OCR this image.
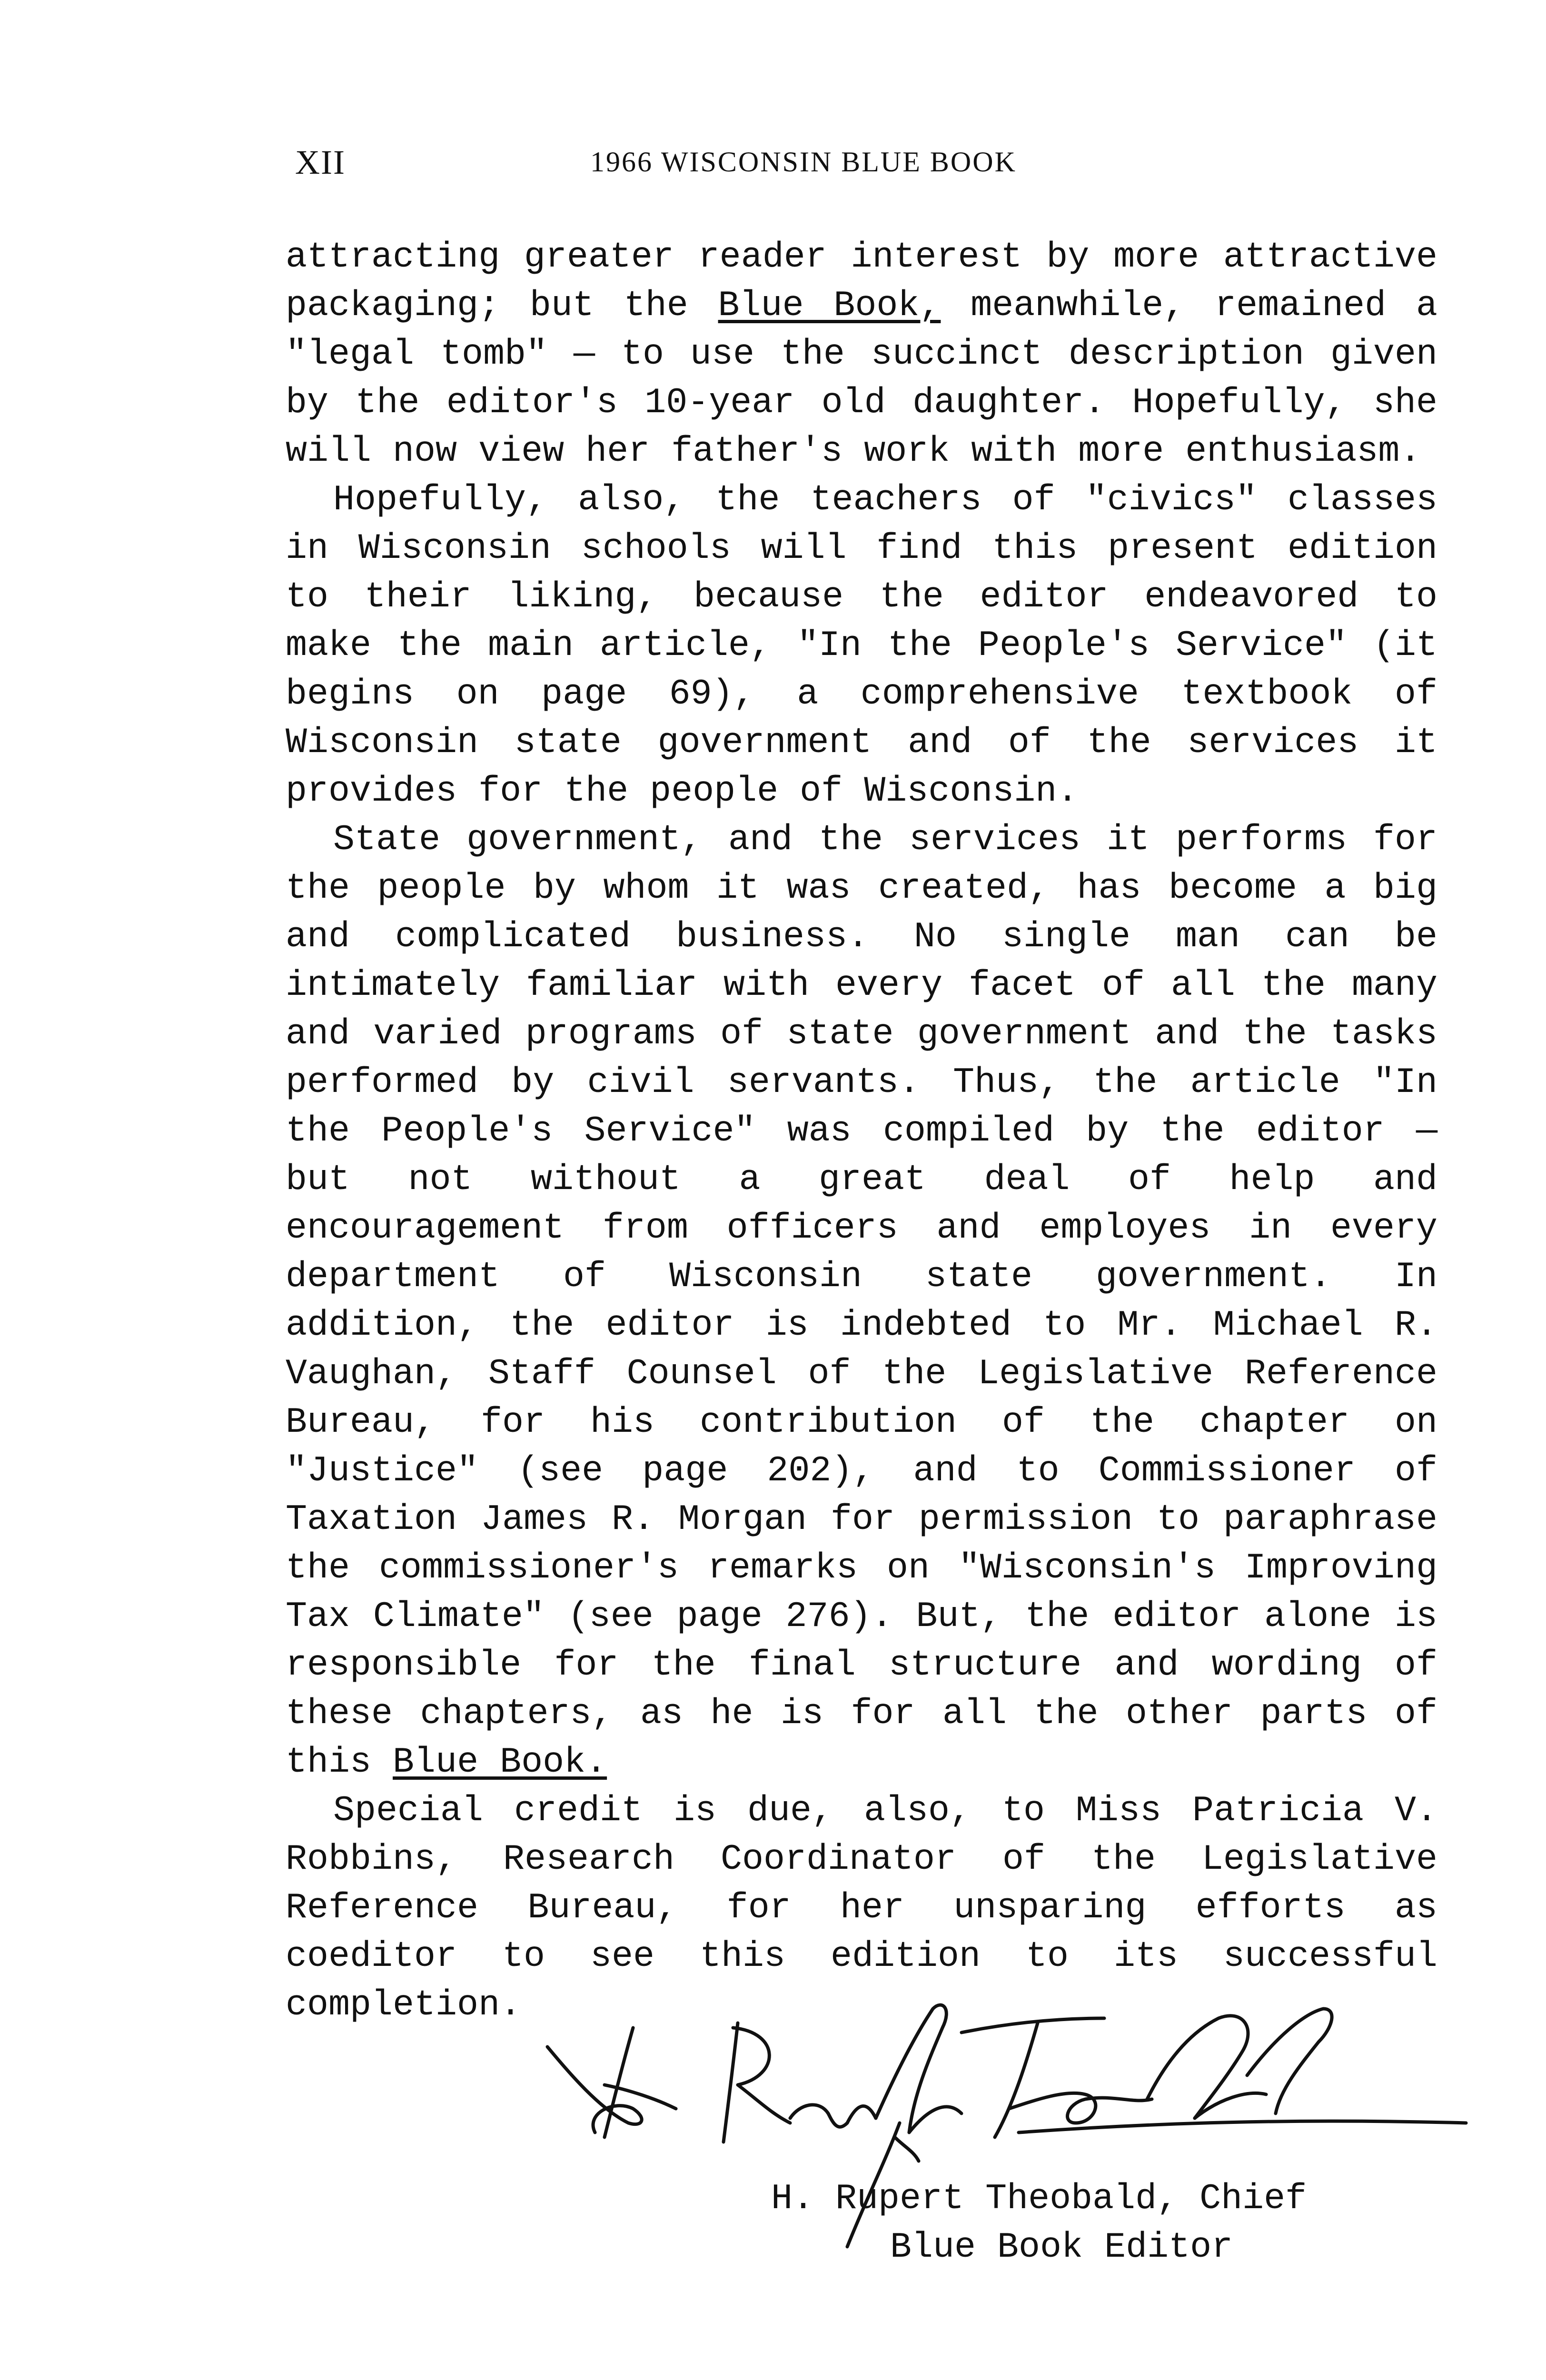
XII	1966 WISCONSIN BLUE BOOK

attracting greater reader interest by more attractive packaging; but the Blue Book, meanwhile, remained a "legal tomb" — to use the succinct description given by the editor's 10-year old daughter. Hopefully, she will now view her father's work with more enthusiasm.

Hopefully, also, the teachers of "civics" classes in Wisconsin schools will find this present edition to their liking, because the editor endeavored to make the main article, "In the People's Service" (it begins on page 69), a comprehensive textbook of Wisconsin state government and of the services it provides for the people of Wisconsin.

State government, and the services it performs for the people by whom it was created, has become a big and complicated business. No single man can be intimately familiar with every facet of all the many and varied programs of state government and the tasks performed by civil servants. Thus, the article "In the People's Service" was compiled by the editor — but not without a great deal of help and encouragement from officers and employes in every department of Wisconsin state government. In addition, the editor is indebted to Mr. Michael R. Vaughan, Staff Counsel of the Legislative Reference Bureau, for his contribution of the chapter on "Justice" (see page 202), and to Commissioner of Taxation James R. Morgan for permission to paraphrase the commissioner's remarks on "Wisconsin's Improving Tax Climate" (see page 276). But, the editor alone is responsible for the final structure and wording of these chapters, as he is for all the other parts of this Blue Book.

Special credit is due, also, to Miss Patricia V. Robbins, Research Coordinator of the Legislative Reference Bureau, for her unsparing efforts as coeditor to see this edition to its successful completion.

H. Rupert Theobald, Chief
Blue Book Editor
